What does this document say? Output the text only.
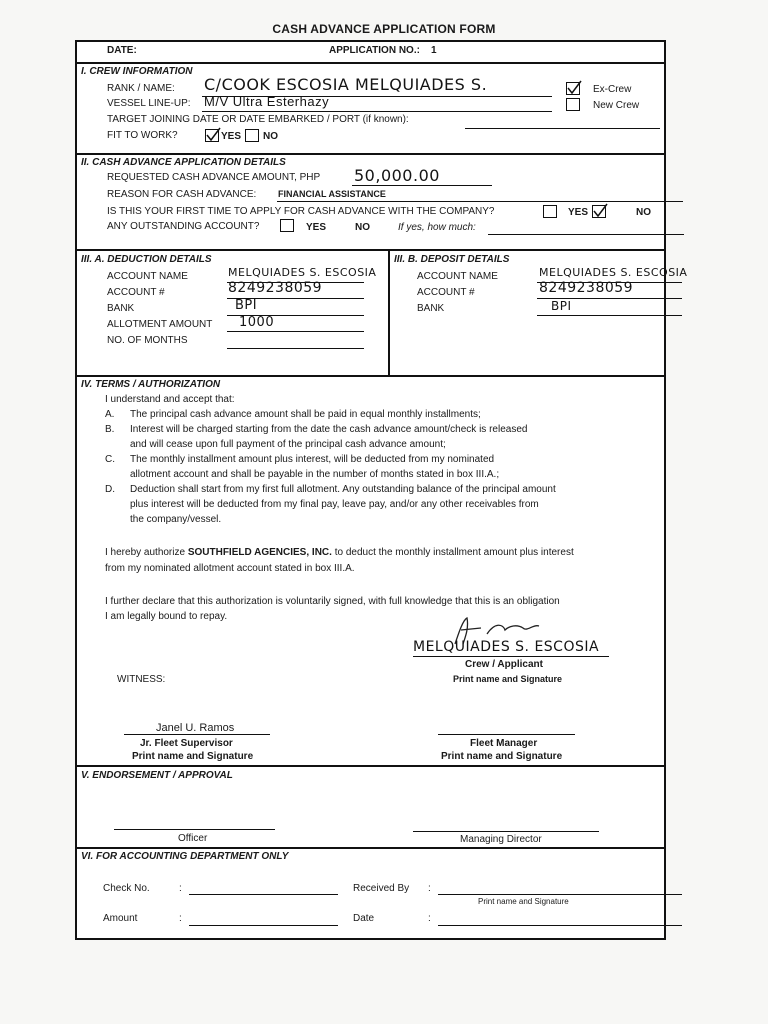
CASH ADVANCE APPLICATION FORM
DATE:	APPLICATION NO.: 1
I. CREW INFORMATION
RANK / NAME: C/COOK ESCOSIA MELQUIADES S.	Ex-Crew
New Crew
VESSEL LINE-UP: M/V Ultra Esterhazy
TARGET JOINING DATE OR DATE EMBARKED / PORT (if known):
FIT TO WORK?	YES NO
II. CASH ADVANCE APPLICATION DETAILS
REQUESTED CASH ADVANCE AMOUNT, PHP 50,000.00
REASON FOR CASH ADVANCE: FINANCIAL ASSISTANCE
IS THIS YOUR FIRST TIME TO APPLY FOR CASH ADVANCE WITH THE COMPANY?	YES	NO
ANY OUTSTANDING ACCOUNT?	YES	NO	If yes, how much:
III. A. DEDUCTION DETAILS
ACCOUNT NAME	MELQUIADES S. ESCOSIA
ACCOUNT #	8249238059
BANK	BPI
ALLOTMENT AMOUNT 1000
NO. OF MONTHS
III. B. DEPOSIT DETAILS
ACCOUNT NAME	MELQUIADES S. ESCOSIA
ACCOUNT #	8249238059
BANK	BPI
IV. TERMS / AUTHORIZATION
I understand and accept that:
A. The principal cash advance amount shall be paid in equal monthly installments;
B. Interest will be charged starting from the date the cash advance amount/check is released
and will cease upon full payment of the principal cash advance amount;
C. The monthly installment amount plus interest, will be deducted from my nominated
allotment account and shall be payable in the number of months stated in box III.A.;
D. Deduction shall start from my first full allotment. Any outstanding balance of the principal amount
plus interest will be deducted from my final pay, leave pay, and/or any other receivables from
the company/vessel.
I hereby authorize SOUTHFIELD AGENCIES, INC. to deduct the monthly installment amount plus interest
from my nominated allotment account stated in box III.A.
I further declare that this authorization is voluntarily signed, with full knowledge that this is an obligation
I am legally bound to repay.
MELQUIADES S. ESCOSIA
Crew / Applicant
Print name and Signature
WITNESS:
Janel U. Ramos
Jr. Fleet Supervisor
Print name and Signature
Fleet Manager
Print name and Signature
V. ENDORSEMENT / APPROVAL
Officer	Managing Director
VI. FOR ACCOUNTING DEPARTMENT ONLY
Check No.	:	Received By :
Print name and Signature
Amount	:	Date	:
